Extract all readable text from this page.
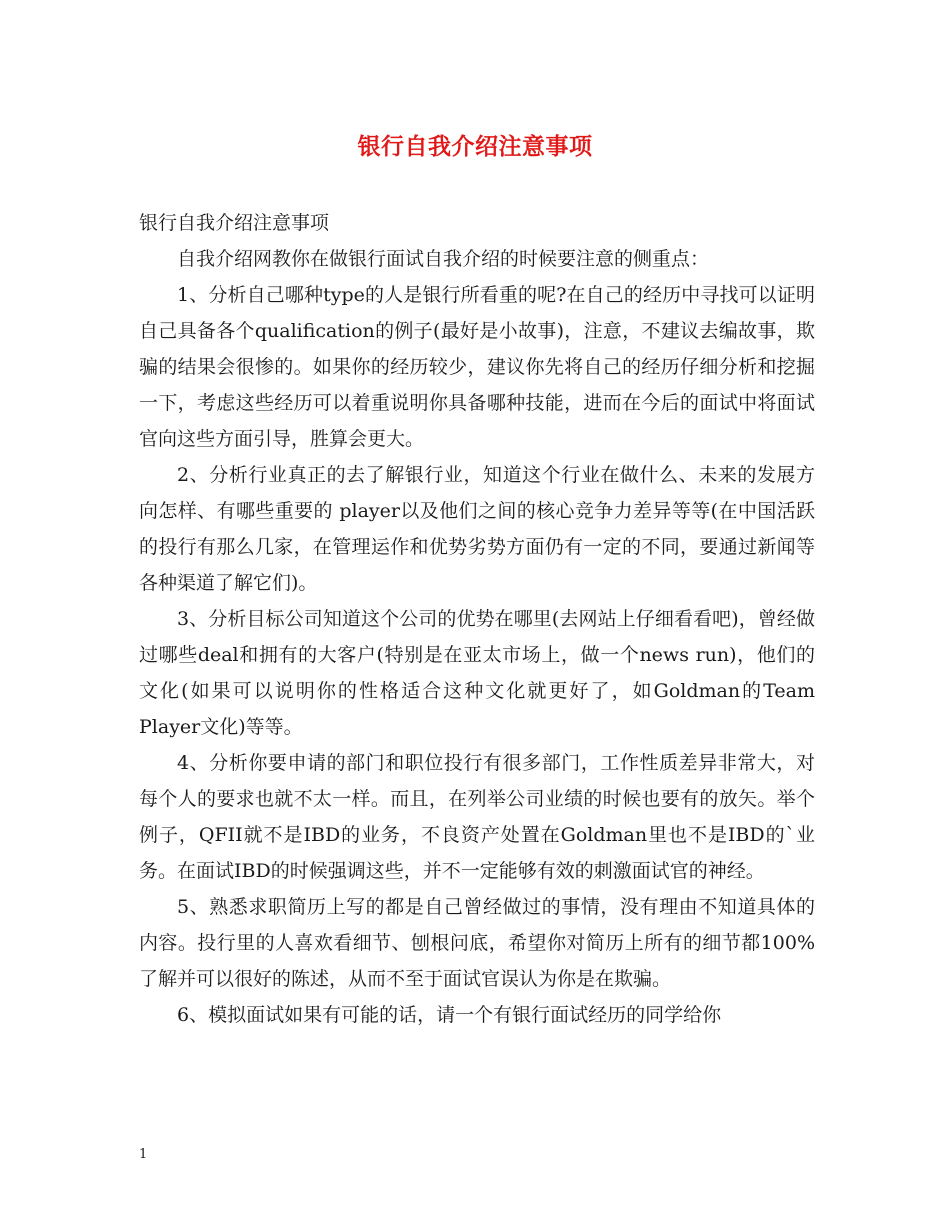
银行自我介绍注意事项

银行自我介绍注意事项

自我介绍网教你在做银行面试自我介绍的时候要注意的侧重点：

1、分析自己哪种type的人是银行所看重的呢?在自己的经历中寻找可以证明自己具备各个qualification的例子(最好是小故事)，注意，不建议去编故事，欺骗的结果会很惨的。如果你的经历较少，建议你先将自己的经历仔细分析和挖掘一下，考虑这些经历可以着重说明你具备哪种技能，进而在今后的面试中将面试官向这些方面引导，胜算会更大。

2、分析行业真正的去了解银行业，知道这个行业在做什么、未来的发展方向怎样、有哪些重要的 player以及他们之间的核心竞争力差异等等(在中国活跃的投行有那么几家，在管理运作和优势劣势方面仍有一定的不同，要通过新闻等各种渠道了解它们)。

3、分析目标公司知道这个公司的优势在哪里(去网站上仔细看看吧)，曾经做过哪些deal和拥有的大客户(特别是在亚太市场上，做一个news run)，他们的文化(如果可以说明你的性格适合这种文化就更好了，如Goldman的Team Player文化)等等。

4、分析你要申请的部门和职位投行有很多部门，工作性质差异非常大，对每个人的要求也就不太一样。而且，在列举公司业绩的时候也要有的放矢。举个例子，QFII就不是IBD的业务，不良资产处置在Goldman里也不是IBD的`业务。在面试IBD的时候强调这些，并不一定能够有效的刺激面试官的神经。

5、熟悉求职简历上写的都是自己曾经做过的事情，没有理由不知道具体的内容。投行里的人喜欢看细节、刨根问底，希望你对简历上所有的细节都100%了解并可以很好的陈述，从而不至于面试官误认为你是在欺骗。

6、模拟面试如果有可能的话，请一个有银行面试经历的同学给你

1
